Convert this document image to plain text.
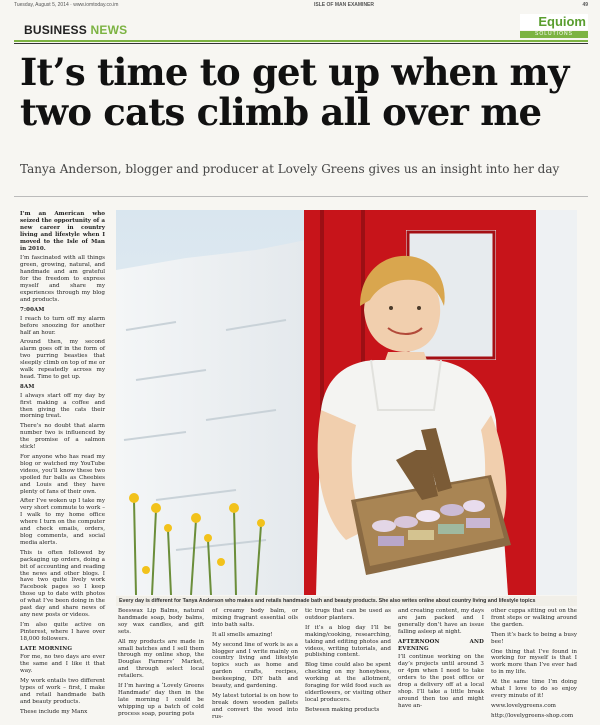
Tuesday, August 5, 2014 · www.iomtoday.co.im	ISLE OF MAN EXAMINER	49
BUSINESS NEWS
Equiom
SOLUTIONS
It’s time to get up when my two cats climb all over me
Tanya Anderson, blogger and producer at Lovely Greens gives us an insight into her day

I’m an American who seized the opportunity of a new career in country living and lifestyle when I moved to the Isle of Man in 2010.

I’m fascinated with all things green, growing, natural, and handmade and am grateful for the freedom to express myself and share my experiences through my blog and products.

7:00AM

I reach to turn off my alarm before snoozing for another half an hour.

Around then, my second alarm goes off in the form of two purring beasties that sleepily climb on top of me or walk repeatedly across my head. Time to get up.

8AM

I always start off my day by first making a coffee and then giving the cats their morning treat.

There’s no doubt that alarm number two is influenced by the promise of a salmon stick!

For anyone who has read my blog or watched my YouTube videos, you’ll know these two spoiled fur balls as Cheebies and Louis and they have plenty of fans of their own.

After I’ve woken up I take my very short commute to work – I walk to my home office where I turn on the computer and check emails, orders, blog comments, and social media alerts.

This is often followed by packaging up orders, doing a bit of accounting and reading the news and other blogs. I have two quite lively work Facebook pages so I keep those up to date with photos of what I’ve been doing in the past day and share news of any new posts or videos.

I’m also quite active on Pinterest, where I have over 18,000 followers.

LATE MORNING

For me, no two days are ever the same and I like it that way.

My work entails two different types of work – first, I make and retail handmade bath and beauty products.

These include my Manx

Every day is different for Tanya Anderson who makes and retails handmade bath and beauty products. She also writes online about country living and lifestyle topics

Beeswax Lip Balms, natural handmade soap, body balms, soy wax candles, and gift sets.

All my products are made in small batches and I sell them through my online shop, the Douglas Farmers’ Market, and through select local retailers.

If I’m having a ‘Lovely Greens Handmade’ day then in the late morning I could be whipping up a batch of cold process soap, pouring pots

of creamy body balm, or mixing fragrant essential oils into bath salts.

It all smells amazing!

My second line of work is as a blogger and I write mainly on country living and lifestyle topics such as home and garden crafts, recipes, beekeeping, DIY bath and beauty, and gardening.

My latest tutorial is on how to break down wooden pallets and convert the wood into rus-

tic trugs that can be used as outdoor planters.

If it’s a blog day I’ll be making/cooking, researching, taking and editing photos and videos, writing tutorials, and publishing content.

Blog time could also be spent checking on my honeybees, working at the allotment, foraging for wild food such as elderflowers, or visiting other local producers.

Between making products

and creating content, my days are jam packed and I generally don’t have an issue falling asleep at night.

AFTERNOON AND EVENING

I’ll continue working on the day’s projects until around 3 or 4pm when I need to take orders to the post office or drop a delivery off at a local shop. I’ll take a little break around then too and might have an-

other cuppa sitting out on the front steps or walking around the garden.

Then it’s back to being a busy bee!

One thing that I’ve found in working for myself is that I work more than I’ve ever had to in my life.

At the same time I’m doing what I love to do so enjoy every minute of it!

www.lovelygreens.com

http://lovelygreens-shop.com
